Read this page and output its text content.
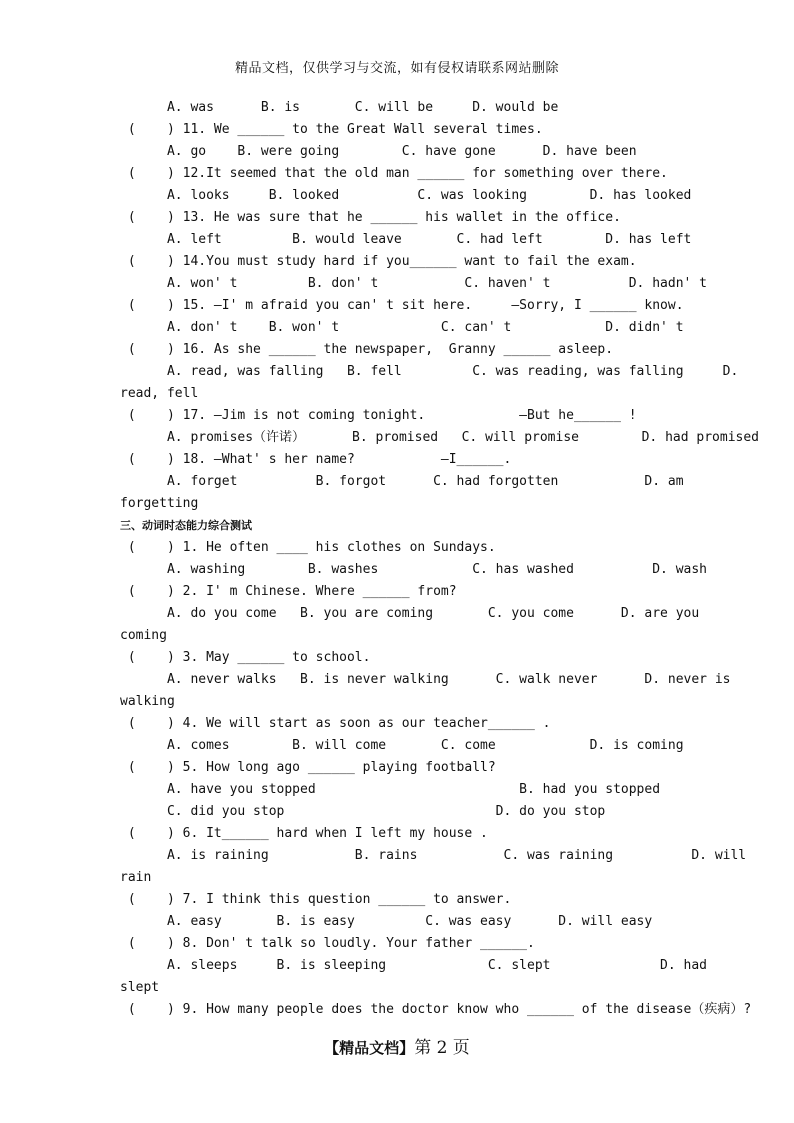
精品文档，仅供学习与交流，如有侵权请联系网站删除
A. was      B. is       C. will be     D. would be
(    ) 11. We ______ to the Great Wall several times.
A. go    B. were going        C. have gone      D. have been
(    ) 12.It seemed that the old man ______ for something over there.
A. looks     B. looked          C. was looking        D. has looked
(    ) 13. He was sure that he ______ his wallet in the office.
A. left         B. would leave       C. had left        D. has left
(    ) 14.You must study hard if you______ want to fail the exam.
A. won' t         B. don' t           C. haven' t          D. hadn' t
(    ) 15. —I' m afraid you can' t sit here.     —Sorry, I ______ know.
A. don' t    B. won' t             C. can' t            D. didn' t
(    ) 16. As she ______ the newspaper,  Granny ______ asleep.
A. read, was falling   B. fell         C. was reading, was falling     D.
read, fell
(    ) 17. —Jim is not coming tonight.            —But he______ !
A. promises（许诺）      B. promised   C. will promise        D. had promised
(    ) 18. —What' s her name?           —I______.
A. forget          B. forgot      C. had forgotten           D. am
forgetting
三、动词时态能力综合测试
(    ) 1. He often ____ his clothes on Sundays.
A. washing        B. washes            C. has washed          D. wash
(    ) 2. I' m Chinese. Where ______ from?
A. do you come   B. you are coming       C. you come      D. are you
coming
(    ) 3. May ______ to school.
A. never walks   B. is never walking      C. walk never      D. never is
walking
(    ) 4. We will start as soon as our teacher______ .
A. comes        B. will come       C. come            D. is coming
(    ) 5. How long ago ______ playing football?
A. have you stopped                          B. had you stopped
C. did you stop                           D. do you stop
(    ) 6. It______ hard when I left my house .
A. is raining           B. rains           C. was raining          D. will
rain
(    ) 7. I think this question ______ to answer.
A. easy       B. is easy         C. was easy      D. will easy
(    ) 8. Don' t talk so loudly. Your father ______.
A. sleeps     B. is sleeping             C. slept              D. had
slept
(    ) 9. How many people does the doctor know who ______ of the disease（疾病）?
【精品文档】第 2 页
